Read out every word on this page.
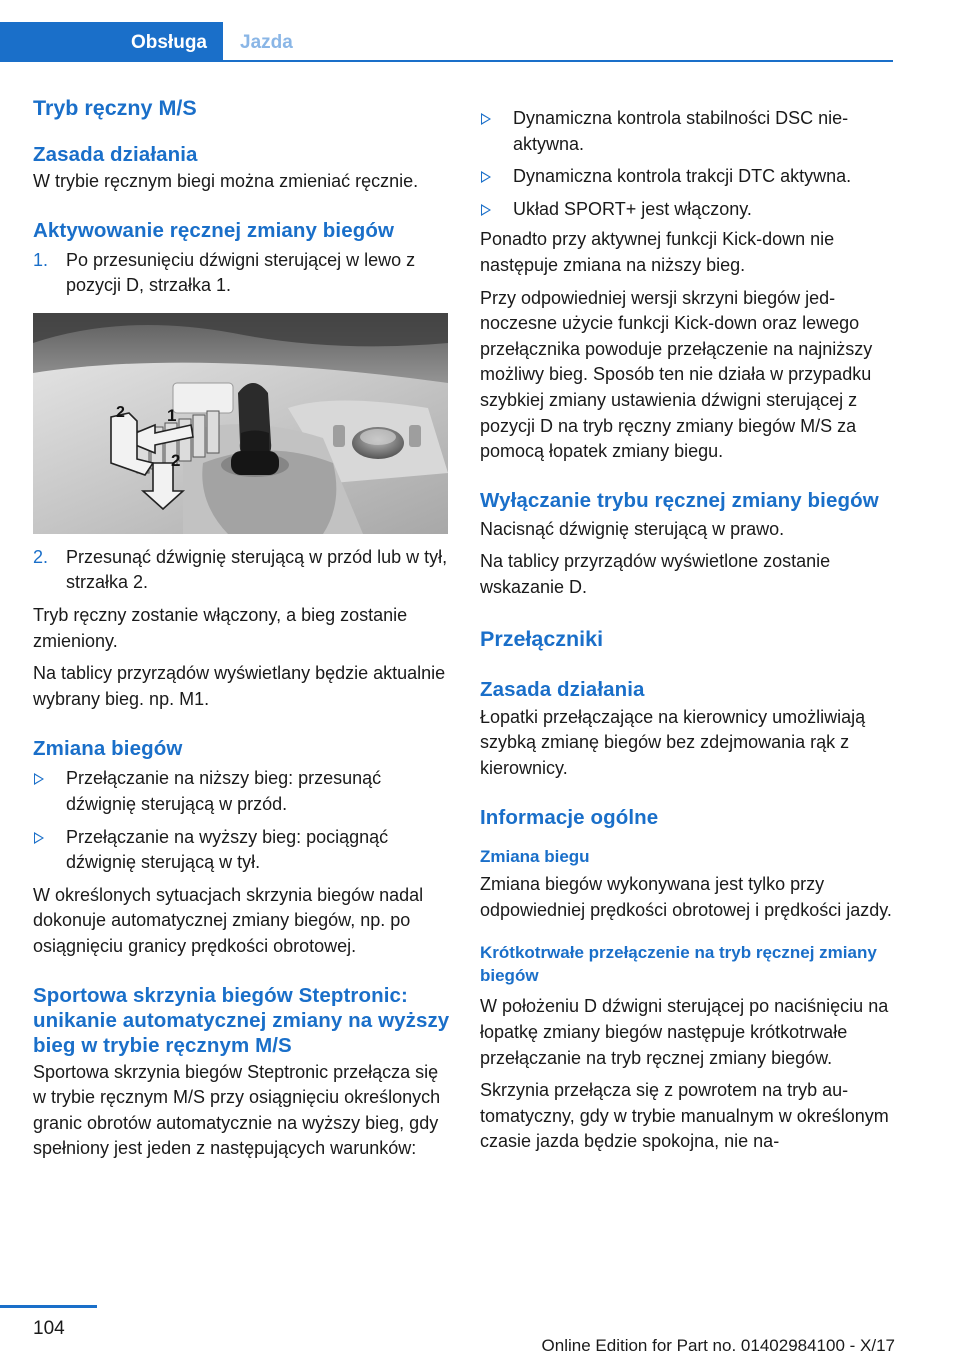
Obsługa	Jazda
Tryb ręczny M/S
Zasada działania

W trybie ręcznym biegi można zmieniać ręcznie.

Aktywowanie ręcznej zmiany biegów
1. Po przesunięciu dźwigni sterującej w lewo z pozycji D, strzałka 1.
2 1
2
2. Przesunąć dźwignię sterującą w przód lub w tył, strzałka 2.

Tryb ręczny zostanie włączony, a bieg zostanie zmieniony.

Na tablicy przyrządów wyświetlany będzie aktualnie wybrany bieg. np. M1.

Zmiana biegów
Przełączanie na niższy bieg: przesunąć dźwignię sterującą w przód.
Przełączanie na wyższy bieg: pociągnąć dźwignię sterującą w tył.

W określonych sytuacjach skrzynia biegów nadal dokonuje automatycznej zmiany biegów, np. po osiągnięciu granicy prędkości obrotowej.

Sportowa skrzynia biegów Steptronic: unikanie automatycznej zmiany na wyższy bieg w trybie ręcznym M/S

Sportowa skrzynia biegów Steptronic przełącza się w trybie ręcznym M/S przy osiągnięciu określonych granic obrotów automatycznie na wyższy bieg, gdy spełniony jest jeden z następujących warunków:

Dynamiczna kontrola stabilności DSC nieaktywna.
Dynamiczna kontrola trakcji DTC aktywna.
Układ SPORT+ jest włączony.

Ponadto przy aktywnej funkcji Kick-down nie następuje zmiana na niższy bieg.

Przy odpowiedniej wersji skrzyni biegów jednoczesne użycie funkcji Kick-down oraz lewego przełącznika powoduje przełączenie na najniższy możliwy bieg. Sposób ten nie działa w przypadku szybkiej zmiany ustawienia dźwigni sterującej z pozycji D na tryb ręczny zmiany biegów M/S za pomocą łopatek zmiany biegu.

Wyłączanie trybu ręcznej zmiany biegów

Nacisnąć dźwignię sterującą w prawo.

Na tablicy przyrządów wyświetlone zostanie wskazanie D.

Przełączniki
Zasada działania

Łopatki przełączające na kierownicy umożliwiają szybką zmianę biegów bez zdejmowania rąk z kierownicy.

Informacje ogólne
Zmiana biegu

Zmiana biegów wykonywana jest tylko przy odpowiedniej prędkości obrotowej i prędkości jazdy.

Krótkotrwałe przełączenie na tryb ręcznej zmiany biegów

W położeniu D dźwigni sterującej po naciśnięciu na łopatkę zmiany biegów następuje krótkotrwałe przełączanie na tryb ręcznej zmiany biegów.

Skrzynia przełącza się z powrotem na tryb automatyczny, gdy w trybie manualnym w określonym czasie jazda będzie spokojna, nie na-

104
Online Edition for Part no. 01402984100 - X/17
